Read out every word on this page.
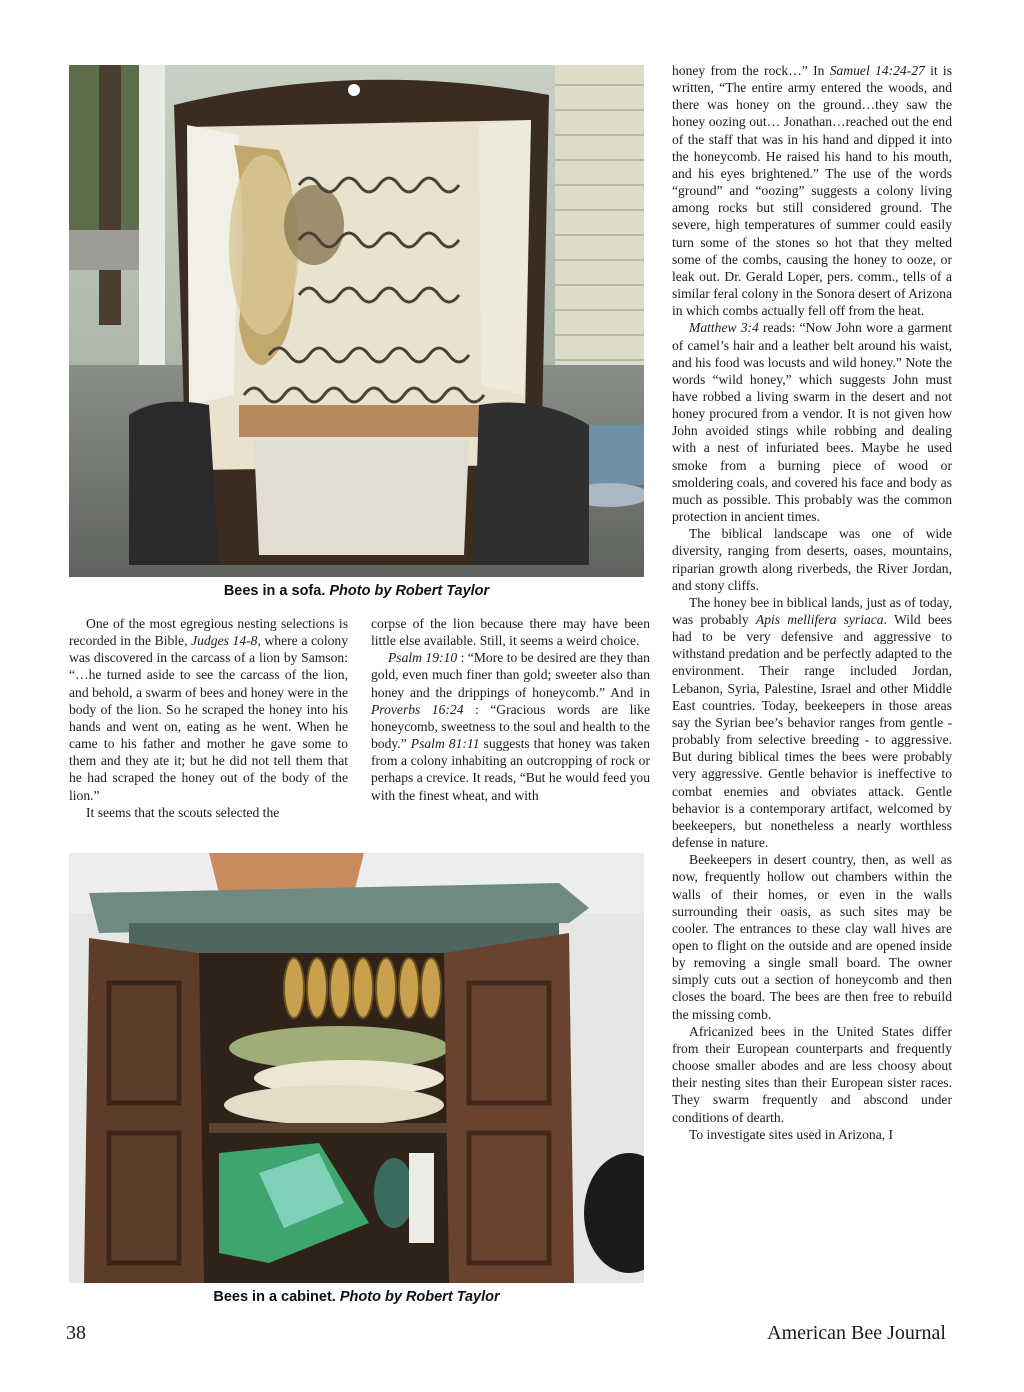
Bees in a sofa. Photo by Robert Taylor

One of the most egregious nesting selections is recorded in the Bible, Judges 14-8, where a colony was discovered in the carcass of a lion by Samson: “…he turned aside to see the carcass of the lion, and behold, a swarm of bees and honey were in the body of the lion. So he scraped the honey into his hands and went on, eating as he went. When he came to his father and mother he gave some to them and they ate it; but he did not tell them that he had scraped the honey out of the body of the lion.”

It seems that the scouts selected the

corpse of the lion because there may have been little else available. Still, it seems a weird choice.

Psalm 19:10 : “More to be desired are they than gold, even much finer than gold; sweeter also than honey and the drippings of honeycomb.” And in Proverbs 16:24 : “Gracious words are like honeycomb, sweetness to the soul and health to the body.” Psalm 81:11 suggests that honey was taken from a colony inhabiting an outcropping of rock or perhaps a crevice. It reads, “But he would feed you with the finest wheat, and with

Bees in a cabinet. Photo by Robert Taylor

honey from the rock…” In Samuel 14:24-27 it is written, “The entire army entered the woods, and there was honey on the ground…they saw the honey oozing out… Jonathan…reached out the end of the staff that was in his hand and dipped it into the honeycomb. He raised his hand to his mouth, and his eyes brightened.” The use of the words “ground” and “oozing” suggests a colony living among rocks but still considered ground. The severe, high temperatures of summer could easily turn some of the stones so hot that they melted some of the combs, causing the honey to ooze, or leak out. Dr. Gerald Loper, pers. comm., tells of a similar feral colony in the Sonora desert of Arizona in which combs actually fell off from the heat.

Matthew 3:4 reads: “Now John wore a garment of camel’s hair and a leather belt around his waist, and his food was locusts and wild honey.” Note the words “wild honey,” which suggests John must have robbed a living swarm in the desert and not honey procured from a vendor. It is not given how John avoided stings while robbing and dealing with a nest of infuriated bees. Maybe he used smoke from a burning piece of wood or smoldering coals, and covered his face and body as much as possible. This probably was the common protection in ancient times.

The biblical landscape was one of wide diversity, ranging from deserts, oases, mountains, riparian growth along riverbeds, the River Jordan, and stony cliffs.

The honey bee in biblical lands, just as of today, was probably Apis mellifera syriaca. Wild bees had to be very defensive and aggressive to withstand predation and be perfectly adapted to the environment. Their range included Jordan, Lebanon, Syria, Palestine, Israel and other Middle East countries. Today, beekeepers in those areas say the Syrian bee’s behavior ranges from gentle - probably from selective breeding - to aggressive. But during biblical times the bees were probably very aggressive. Gentle behavior is ineffective to combat enemies and obviates attack. Gentle behavior is a contemporary artifact, welcomed by beekeepers, but nonetheless a nearly worthless defense in nature.

Beekeepers in desert country, then, as well as now, frequently hollow out chambers within the walls of their homes, or even in the walls surrounding their oasis, as such sites may be cooler. The entrances to these clay wall hives are open to flight on the outside and are opened inside by removing a single small board. The owner simply cuts out a section of honeycomb and then closes the board. The bees are then free to rebuild the missing comb.

Africanized bees in the United States differ from their European counterparts and frequently choose smaller abodes and are less choosy about their nesting sites than their European sister races. They swarm frequently and abscond under conditions of dearth.

To investigate sites used in Arizona, I

38	American Bee Journal
